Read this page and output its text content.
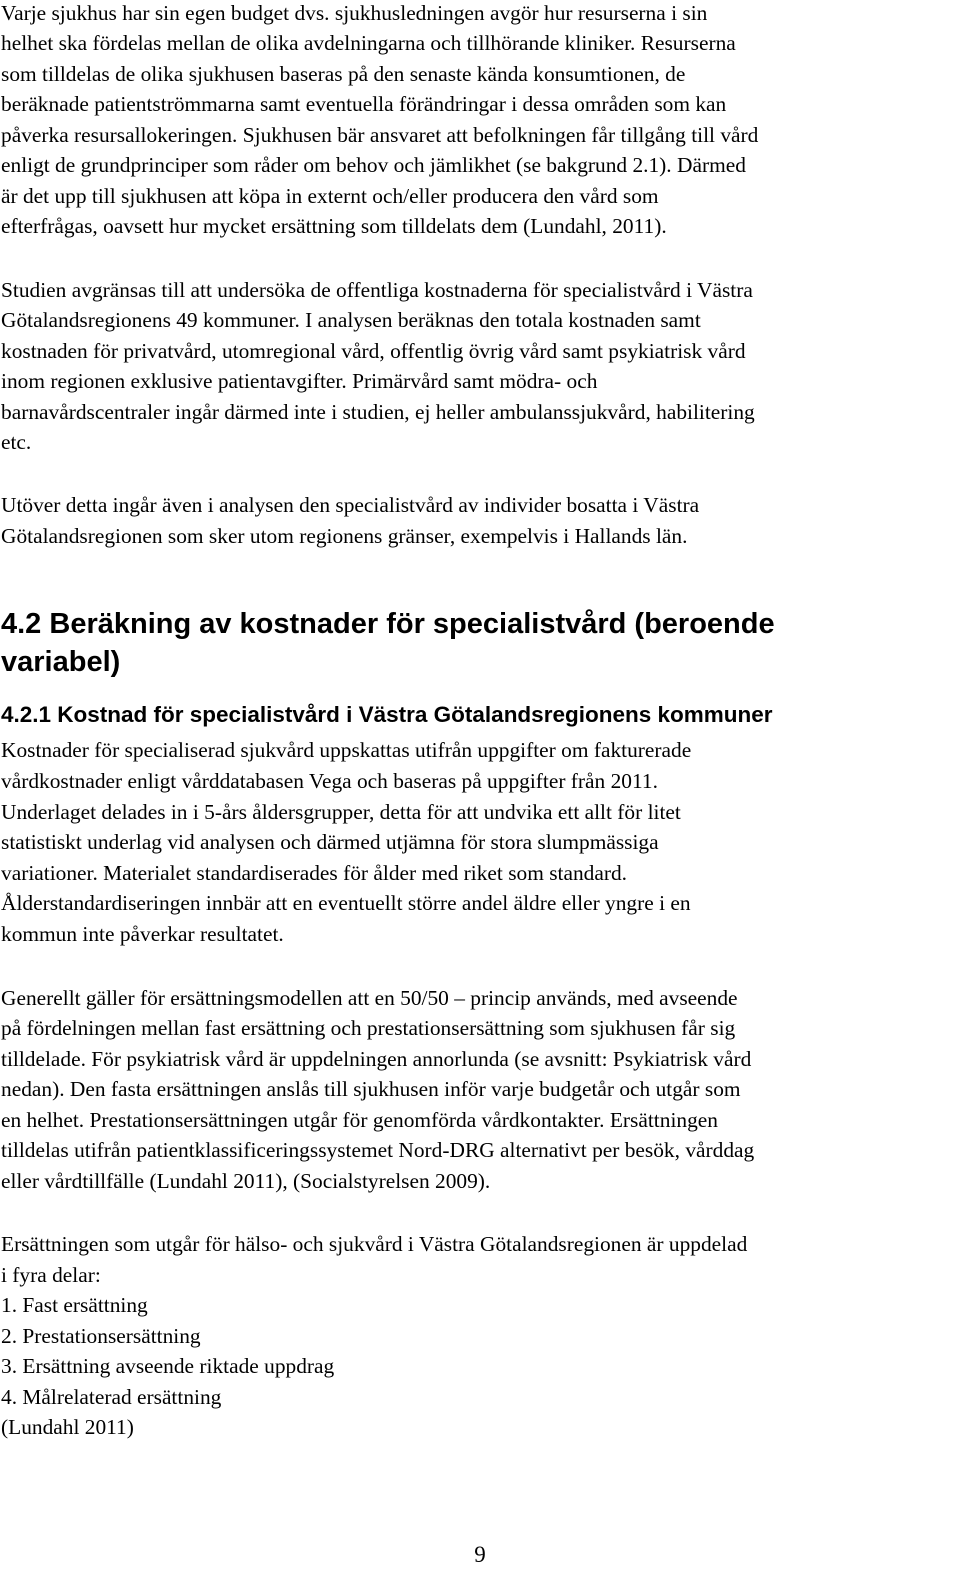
Varje sjukhus har sin egen budget dvs. sjukhusledningen avgör hur resurserna i sin

helhet ska fördelas mellan de olika avdelningarna och tillhörande kliniker. Resurserna

som tilldelas de olika sjukhusen baseras på den senaste kända konsumtionen, de

beräknade patientströmmarna samt eventuella förändringar i dessa områden som kan

påverka resursallokeringen. Sjukhusen bär ansvaret att befolkningen får tillgång till vård

enligt de grundprinciper som råder om behov och jämlikhet (se bakgrund 2.1). Därmed

är det upp till sjukhusen att köpa in externt och/eller producera den vård som

efterfrågas, oavsett hur mycket ersättning som tilldelats dem (Lundahl, 2011).

Studien avgränsas till att undersöka de offentliga kostnaderna för specialistvård i Västra

Götalandsregionens 49 kommuner. I analysen beräknas den totala kostnaden samt

kostnaden för privatvård, utomregional vård, offentlig övrig vård samt psykiatrisk vård

inom regionen exklusive patientavgifter. Primärvård samt mödra- och

barnavårdscentraler ingår därmed inte i studien, ej heller ambulanssjukvård, habilitering

etc.

Utöver detta ingår även i analysen den specialistvård av individer bosatta i Västra

Götalandsregionen som sker utom regionens gränser, exempelvis i Hallands län.

4.2 Beräkning av kostnader för specialistvård (beroende
variabel)
4.2.1 Kostnad för specialistvård i Västra Götalandsregionens kommuner

Kostnader för specialiserad sjukvård uppskattas utifrån uppgifter om fakturerade

vårdkostnader enligt vårddatabasen Vega och baseras på uppgifter från 2011.

Underlaget delades in i 5-års åldersgrupper, detta för att undvika ett allt för litet

statistiskt underlag vid analysen och därmed utjämna för stora slumpmässiga

variationer. Materialet standardiserades för ålder med riket som standard.

Ålderstandardiseringen innbär att en eventuellt större andel äldre eller yngre i en

kommun inte påverkar resultatet.

Generellt gäller för ersättningsmodellen att en 50/50 – princip används, med avseende

på fördelningen mellan fast ersättning och prestationsersättning som sjukhusen får sig

tilldelade. För psykiatrisk vård är uppdelningen annorlunda (se avsnitt: Psykiatrisk vård

nedan). Den fasta ersättningen anslås till sjukhusen inför varje budgetår och utgår som

en helhet. Prestationsersättningen utgår för genomförda vårdkontakter. Ersättningen

tilldelas utifrån patientklassificeringssystemet Nord-DRG alternativt per besök, vårddag

eller vårdtillfälle (Lundahl 2011), (Socialstyrelsen 2009).

Ersättningen som utgår för hälso- och sjukvård i Västra Götalandsregionen är uppdelad

i fyra delar:

1. Fast ersättning

2. Prestationsersättning

3. Ersättning avseende riktade uppdrag

4. Målrelaterad ersättning

(Lundahl 2011)

9
